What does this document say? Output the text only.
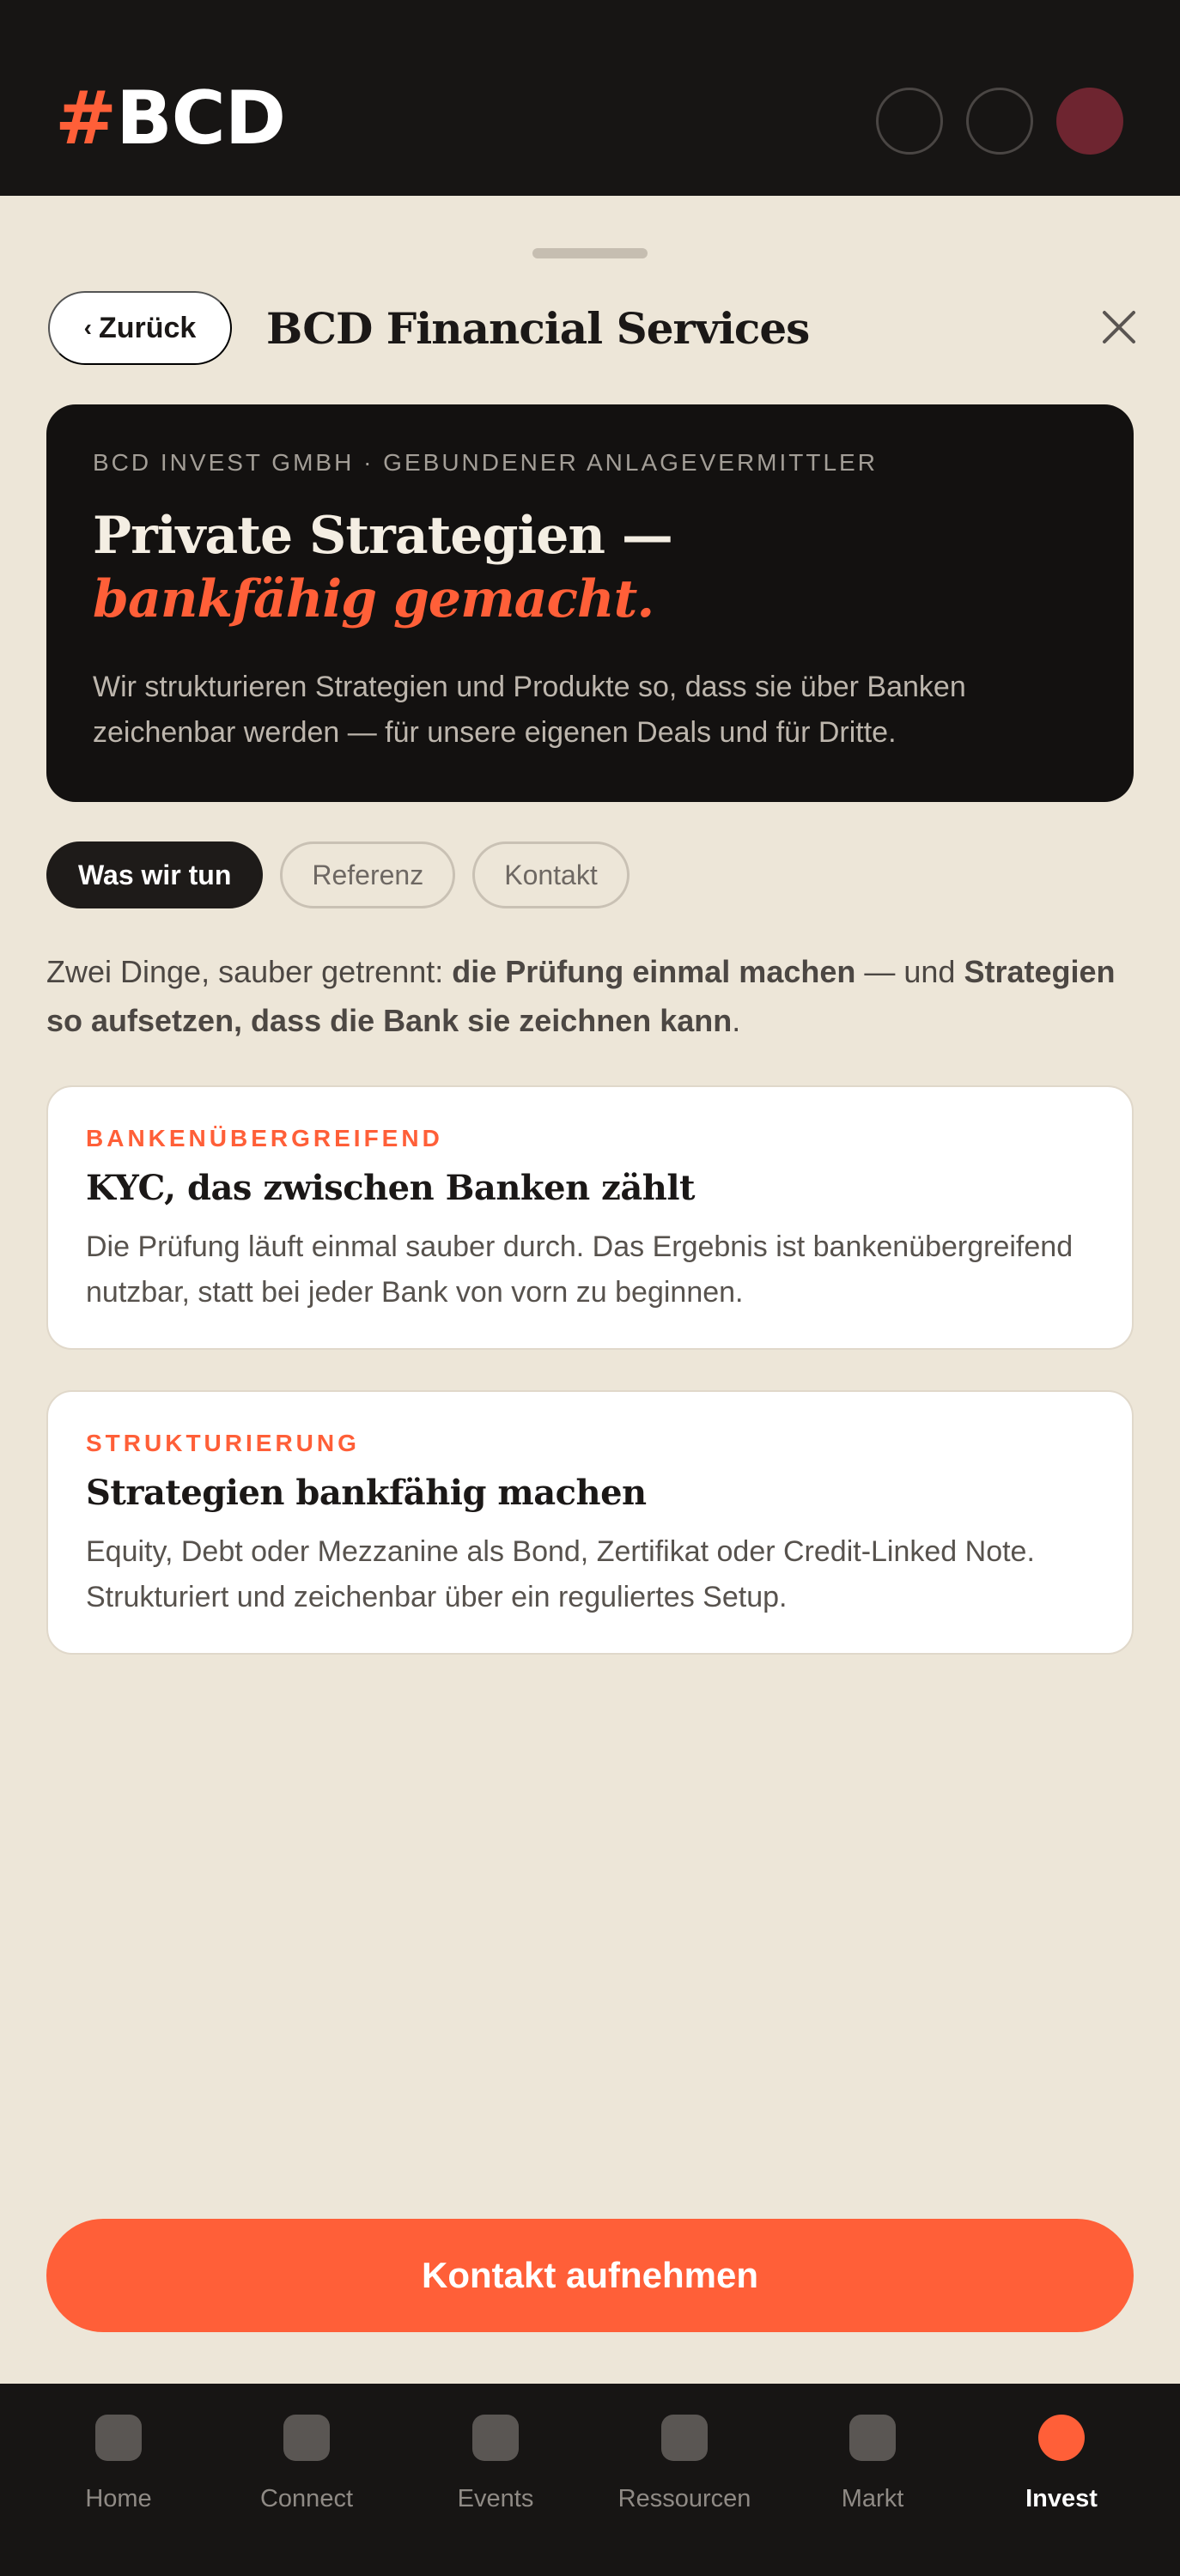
#BCD
‹ Zurück BCD Financial Services
BCD INVEST GMBH · GEBUNDENER ANLAGEVERMITTLER
Private Strategien —
bankfähig gemacht.

Wir strukturieren Strategien und Produkte so, dass sie über Banken zeichenbar werden — für unsere eigenen Deals und für Dritte.

Was wir tun	Referenz	Kontakt

Zwei Dinge, sauber getrennt: die Prüfung einmal machen — und Strategien so aufsetzen, dass die Bank sie zeichnen kann.

BANKENÜBERGREIFEND
KYC, das zwischen Banken zählt

Die Prüfung läuft einmal sauber durch. Das Ergebnis ist bankenübergreifend nutzbar, statt bei jeder Bank von vorn zu beginnen.

STRUKTURIERUNG
Strategien bankfähig machen

Equity, Debt oder Mezzanine als Bond, Zertifikat oder Credit-Linked Note. Strukturiert und zeichenbar über ein reguliertes Setup.

Kontakt aufnehmen
Home	Connect	Events	Ressourcen	Markt	Invest
